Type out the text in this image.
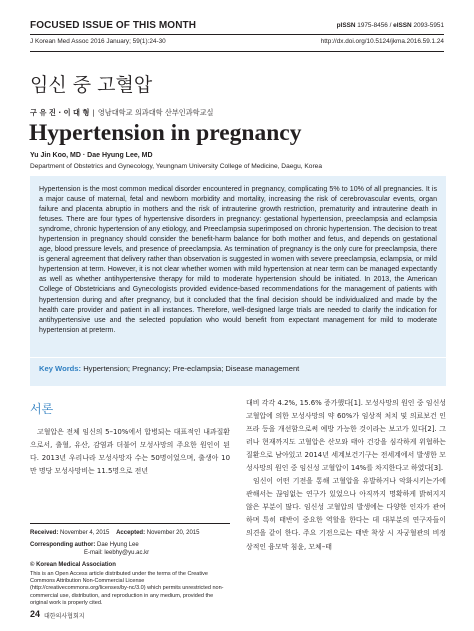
FOCUSED ISSUE OF THIS MONTH	pISSN 1975-8456 / eISSN 2093-5951
J Korean Med Assoc 2016 January; 59(1):24-30	http://dx.doi.org/10.5124/jkma.2016.59.1.24
임신 중 고혈압
구 유 진 · 이 대 형 | 영남대학교 의과대학 산부인과학교실
Hypertension in pregnancy
Yu Jin Koo, MD · Dae Hyung Lee, MD
Department of Obstetrics and Gynecology, Yeungnam University College of Medicine, Daegu, Korea
Hypertension is the most common medical disorder encountered in pregnancy, complicating 5% to 10% of all pregnancies. It is a major cause of maternal, fetal and newborn morbidity and mortality, increasing the risk of cerebrovascular events, organ failure and placenta abruptio in mothers and the risk of intrauterine growth restriction, prematurity and intrauterine death in fetuses. There are four types of hypertensive disorders in pregnancy: gestational hypertension, preeclampsia and eclampsia syndrome, chronic hypertension of any etiology, and Preeclampsia superimposed on chronic hypertension. The decision to treat hypertension in pregnancy should consider the benefit-harm balance for both mother and fetus, and depends on gestational age, blood pressure levels, and presence of preeclampsia. As termination of pregnancy is the only cure for preeclampsia, there is general agreement that delivery rather than observation is suggested in women with severe preeclampsia, eclampsia, or mild hypertension at term. However, it is not clear whether women with mild hypertension at near term can be managed expectantly as well as whether antihypertensive therapy for mild to moderate hypertension should be initiated. In 2013, the American College of Obstetricians and Gynecologists provided evidence-based recommendations for the management of patients with hypertension during and after pregnancy, but it concluded that the final decision should be individualized and made by the health care provider and patient in all instances. Therefore, well-designed large trials are needed to clarify the indication for antihypertensive use and the selected population who would benefit from expectant management for mild to moderate hypertension at preterm.
Key Words: Hypertension; Pregnancy; Pre-eclampsia; Disease management
서론
고혈압은 전체 임신의 5–10%에서 합병되는 대표적인 내과질환으로서, 출혈, 유산, 감염과 더불어 모성사망의 주요한 원인이 된다. 2013년 우리나라 모성사망자 수는 50명이었으며, 출생아 10만 명당 모성사망비는 11.5명으로 전년
Received: November 4, 2015 Accepted: November 20, 2015
Corresponding author: Dae Hyung Lee
E-mail: leebhy@yu.ac.kr
© Korean Medical Association
This is an Open Access article distributed under the terms of the Creative Commons Attribution Non-Commercial License (http://creativecommons.org/licenses/by-nc/3.0) which permits unrestricted non-commercial use, distribution, and reproduction in any medium, provided the original work is properly cited.

대비 각각 4.2%, 15.6% 증가했다[1]. 모성사망의 원인 중 임신성 고혈압에 의한 모성사망의 약 60%가 임상적 처치 및 의료보건 인프라 등을 개선함으로써 예방 가능한 것이라는 보고가 있다[2]. 그러나 현재까지도 고혈압은 산모와 태아 건강을 심각하게 위협하는 질환으로 남아있고 2014년 세계보건기구는 전세계에서 발생한 모성사망의 원인 중 임신성 고혈압이 14%를 차지한다고 하였다[3].

임신이 어떤 기전을 통해 고혈압을 유발하거나 악화시키는가에 관해서는 끊임없는 연구가 있었으나 아직까지 명확하게 밝혀지지 않은 부분이 많다. 임신성 고혈압의 발생에는 다양한 인자가 관여하며 특히 태반이 중요한 역할을 한다는 데 대부분의 연구자들이 의견을 같이 한다. 주요 기전으로는 태반 착상 시 자궁혈관의 비정상적인 융모막 침윤, 모체–태

24 대한의사협회지
